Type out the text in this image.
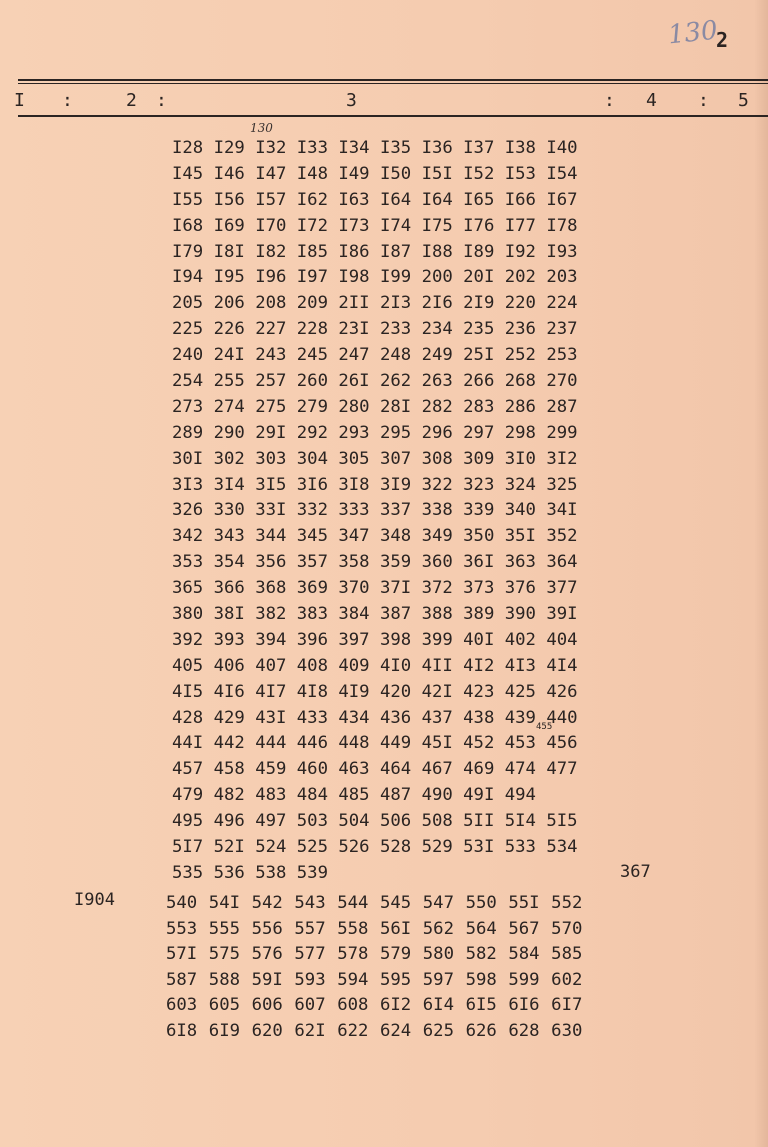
130
2
I :	2 :	3	: 4 : 5
130
455
I28 I29 I32 I33 I34 I35 I36 I37 I38 I40
I45 I46 I47 I48 I49 I50 I5I I52 I53 I54
I55 I56 I57 I62 I63 I64 I64 I65 I66 I67
I68 I69 I70 I72 I73 I74 I75 I76 I77 I78
I79 I8I I82 I85 I86 I87 I88 I89 I92 I93
I94 I95 I96 I97 I98 I99 200 20I 202 203
205 206 208 209 2II 2I3 2I6 2I9 220 224
225 226 227 228 23I 233 234 235 236 237
240 24I 243 245 247 248 249 25I 252 253
254 255 257 260 26I 262 263 266 268 270
273 274 275 279 280 28I 282 283 286 287
289 290 29I 292 293 295 296 297 298 299
30I 302 303 304 305 307 308 309 3I0 3I2
3I3 3I4 3I5 3I6 3I8 3I9 322 323 324 325
326 330 33I 332 333 337 338 339 340 34I
342 343 344 345 347 348 349 350 35I 352
353 354 356 357 358 359 360 36I 363 364
365 366 368 369 370 37I 372 373 376 377
380 38I 382 383 384 387 388 389 390 39I
392 393 394 396 397 398 399 40I 402 404
405 406 407 408 409 4I0 4II 4I2 4I3 4I4
4I5 4I6 4I7 4I8 4I9 420 42I 423 425 426
428 429 43I 433 434 436 437 438 439 440
44I 442 444 446 448 449 45I 452 453 456
457 458 459 460 463 464 467 469 474 477
479 482 483 484 485 487 490 49I 494
495 496 497 503 504 506 508 5II 5I4 5I5
5I7 52I 524 525 526 528 529 53I 533 534
535 536 538 539	367
I904	540 54I 542 543 544 545 547 550 55I 552
553 555 556 557 558 56I 562 564 567 570
57I 575 576 577 578 579 580 582 584 585
587 588 59I 593 594 595 597 598 599 602
603 605 606 607 608 6I2 6I4 6I5 6I6 6I7
6I8 6I9 620 62I 622 624 625 626 628 630
